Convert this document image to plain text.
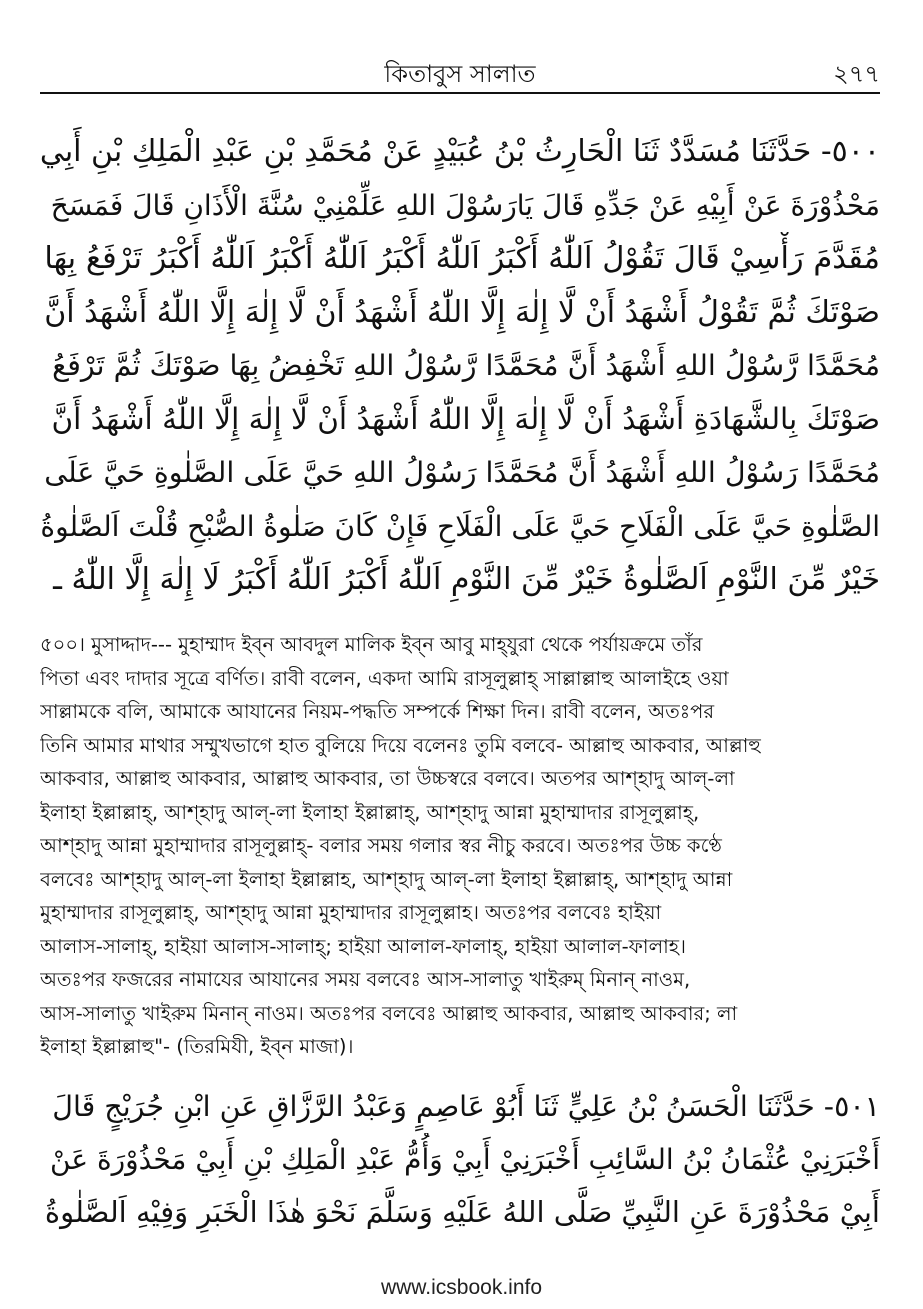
কিতাবুস সালাত	২৭৭
٥٠٠- حَدَّثَنَا مُسَدَّدٌ ثَنَا الْحَارِثُ بْنُ عُبَيْدٍ عَنْ مُحَمَّدِ بْنِ عَبْدِ الْمَلِكِ بْنِ أَبِي
مَحْذُوْرَةَ عَنْ أَبِيْهِ عَنْ جَدِّهِ قَالَ يَارَسُوْلَ اللهِ عَلِّمْنِيْ سُنَّةَ الْأَذَانِ قَالَ فَمَسَحَ
مُقَدَّمَ رَأْسِيْ قَالَ تَقُوْلُ اَللّٰهُ أَكْبَرُ اَللّٰهُ أَكْبَرُ اَللّٰهُ أَكْبَرُ اَللّٰهُ أَكْبَرُ تَرْفَعُ بِهَا
صَوْتَكَ ثُمَّ تَقُوْلُ أَشْهَدُ أَنْ لَّا إِلٰهَ إِلَّا اللّٰهُ أَشْهَدُ أَنْ لَّا إِلٰهَ إِلَّا اللّٰهُ أَشْهَدُ أَنَّ
مُحَمَّدًا رَّسُوْلُ اللهِ أَشْهَدُ أَنَّ مُحَمَّدًا رَّسُوْلُ اللهِ تَخْفِضُ بِهَا صَوْتَكَ ثُمَّ تَرْفَعُ
صَوْتَكَ بِالشَّهَادَةِ أَشْهَدُ أَنْ لَّا إِلٰهَ إِلَّا اللّٰهُ أَشْهَدُ أَنْ لَّا إِلٰهَ إِلَّا اللّٰهُ أَشْهَدُ أَنَّ
مُحَمَّدًا رَسُوْلُ اللهِ أَشْهَدُ أَنَّ مُحَمَّدًا رَسُوْلُ اللهِ حَيَّ عَلَى الصَّلٰوةِ حَيَّ عَلَى
الصَّلٰوةِ حَيَّ عَلَى الْفَلَاحِ حَيَّ عَلَى الْفَلَاحِ فَإِنْ كَانَ صَلٰوةُ الصُّبْحِ قُلْتَ اَلصَّلٰوةُ
خَيْرٌ مِّنَ النَّوْمِ اَلصَّلٰوةُ خَيْرٌ مِّنَ النَّوْمِ اَللّٰهُ أَكْبَرُ اَللّٰهُ أَكْبَرُ لَا إِلٰهَ إِلَّا اللّٰهُ ـ
৫০০। মুসাদ্দাদ--- মুহাম্মাদ ইব্‌ন আবদুল মালিক ইব্‌ন আবু মাহ্‌যুরা থেকে পর্যায়ক্রমে তাঁর
পিতা এবং দাদার সূত্রে বর্ণিত। রাবী বলেন, একদা আমি রাসূলুল্লাহ্‌ সাল্লাল্লাহু আলাইহে ওয়া
সাল্লামকে বলি, আমাকে আযানের নিয়ম-পদ্ধতি সম্পর্কে শিক্ষা দিন। রাবী বলেন, অতঃপর
তিনি আমার মাথার সম্মুখভাগে হাত বুলিয়ে দিয়ে বলেনঃ তুমি বলবে- আল্লাহু আকবার, আল্লাহু
আকবার, আল্লাহু আকবার, আল্লাহু আকবার, তা উচ্চস্বরে বলবে। অতপর আশ্‌হাদু আল্‌-লা
ইলাহা ইল্লাল্লাহ্‌, আশ্‌হাদু আল্‌-লা ইলাহা ইল্লাল্লাহ্‌, আশ্‌হাদু আন্না মুহাম্মাদার রাসূলুল্লাহ্‌,
আশ্‌হাদু আন্না মুহাম্মাদার রাসূলুল্লাহ্‌- বলার সময় গলার স্বর নীচু করবে। অতঃপর উচ্চ কণ্ঠে
বলবেঃ আশ্‌হাদু আল্‌-লা ইলাহা ইল্লাল্লাহ, আশ্‌হাদু আল্‌-লা ইলাহা ইল্লাল্লাহ্‌, আশ্‌হাদু আন্না
মুহাম্মাদার রাসূলুল্লাহ্‌, আশ্‌হাদু আন্না মুহাম্মাদার রাসূলুল্লাহ। অতঃপর বলবেঃ হাইয়া
আলাস-সালাহ্‌, হাইয়া আলাস-সালাহ্‌; হাইয়া আলাল-ফালাহ্‌, হাইয়া আলাল-ফালাহ।
অতঃপর ফজরের নামাযের আযানের সময় বলবেঃ আস-সালাতু খাইরুম্‌ মিনান্‌ নাওম,
আস-সালাতু খাইরুম মিনান্‌ নাওম। অতঃপর বলবেঃ আল্লাহু আকবার, আল্লাহু আকবার; লা
ইলাহা ইল্লাল্লাহু"- (তিরমিযী, ইব্‌ন মাজা)।
٥٠١- حَدَّثَنَا الْحَسَنُ بْنُ عَلِيٍّ ثَنَا أَبُوْ عَاصِمٍ وَعَبْدُ الرَّزَّاقِ عَنِ ابْنِ جُرَيْجٍ قَالَ
أَخْبَرَنِيْ عُثْمَانُ بْنُ السَّائِبِ أَخْبَرَنِيْ أَبِيْ وَأُمُّ عَبْدِ الْمَلِكِ بْنِ أَبِيْ مَحْذُوْرَةَ عَنْ
أَبِيْ مَحْذُوْرَةَ عَنِ النَّبِيِّ صَلَّى اللهُ عَلَيْهِ وَسَلَّمَ نَحْوَ هٰذَا الْخَبَرِ وَفِيْهِ اَلصَّلٰوةُ
www.icsbook.info
